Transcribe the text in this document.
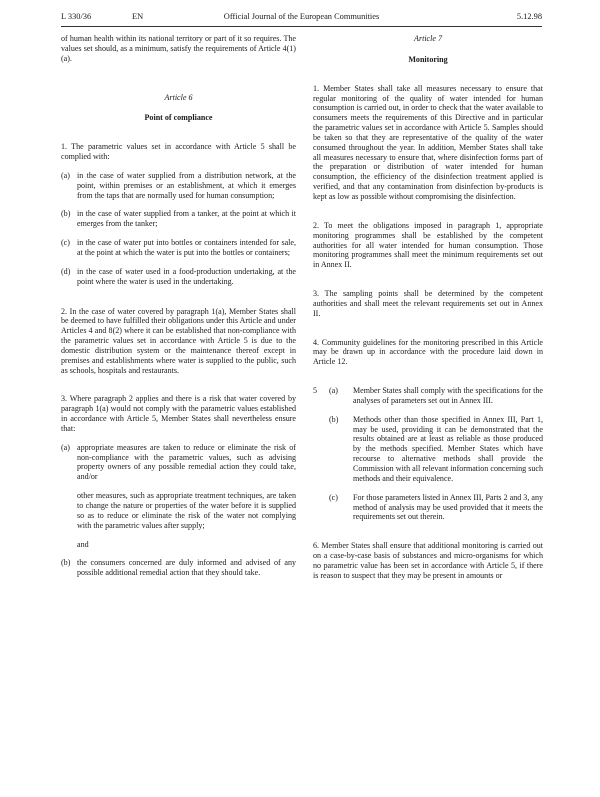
L 330/36	EN	Official Journal of the European Communities	5.12.98

of human health within its national territory or part of it so requires. The values set should, as a minimum, satisfy the requirements of Article 4(1)(a).

Article 6

Point of compliance

1. The parametric values set in accordance with Article 5 shall be complied with:

(a) in the case of water supplied from a distribution network, at the point, within premises or an establishment, at which it emerges from the taps that are normally used for human consumption;

(b) in the case of water supplied from a tanker, at the point at which it emerges from the tanker;

(c) in the case of water put into bottles or containers intended for sale, at the point at which the water is put into the bottles or containers;

(d) in the case of water used in a food-production undertaking, at the point where the water is used in the undertaking.

2. In the case of water covered by paragraph 1(a), Member States shall be deemed to have fulfilled their obligations under this Article and under Articles 4 and 8(2) where it can be established that non-compliance with the parametric values set in accordance with Article 5 is due to the domestic distribution system or the maintenance thereof except in premises and establishments where water is supplied to the public, such as schools, hospitals and restaurants.

3. Where paragraph 2 applies and there is a risk that water covered by paragraph 1(a) would not comply with the parametric values established in accordance with Article 5, Member States shall nevertheless ensure that:

(a) appropriate measures are taken to reduce or eliminate the risk of non-compliance with the parametric values, such as advising property owners of any possible remedial action they could take, and/or

other measures, such as appropriate treatment techniques, are taken to change the nature or properties of the water before it is supplied so as to reduce or eliminate the risk of the water not complying with the parametric values after supply;

and

(b) the consumers concerned are duly informed and advised of any possible additional remedial action that they should take.

Article 7

Monitoring

1. Member States shall take all measures necessary to ensure that regular monitoring of the quality of water intended for human consumption is carried out, in order to check that the water available to consumers meets the requirements of this Directive and in particular the parametric values set in accordance with Article 5. Samples should be taken so that they are representative of the quality of the water consumed throughout the year. In addition, Member States shall take all measures necessary to ensure that, where disinfection forms part of the preparation or distribution of water intended for human consumption, the efficiency of the disinfection treatment applied is verified, and that any contamination from disinfection by-products is kept as low as possible without compromising the disinfection.

2. To meet the obligations imposed in paragraph 1, appropriate monitoring programmes shall be established by the competent authorities for all water intended for human consumption. Those monitoring programmes shall meet the minimum requirements set out in Annex II.

3. The sampling points shall be determined by the competent authorities and shall meet the relevant requirements set out in Annex II.

4. Community guidelines for the monitoring prescribed in this Article may be drawn up in accordance with the procedure laid down in Article 12.

5 (a) Member States shall comply with the specifications for the analyses of parameters set out in Annex III.

(b) Methods other than those specified in Annex III, Part 1, may be used, providing it can be demonstrated that the results obtained are at least as reliable as those produced by the methods specified. Member States which have recourse to alternative methods shall provide the Commission with all relevant information concerning such methods and their equivalence.

(c) For those parameters listed in Annex III, Parts 2 and 3, any method of analysis may be used provided that it meets the requirements set out therein.

6. Member States shall ensure that additional monitoring is carried out on a case-by-case basis of substances and micro-organisms for which no parametric value has been set in accordance with Article 5, if there is reason to suspect that they may be present in amounts or
